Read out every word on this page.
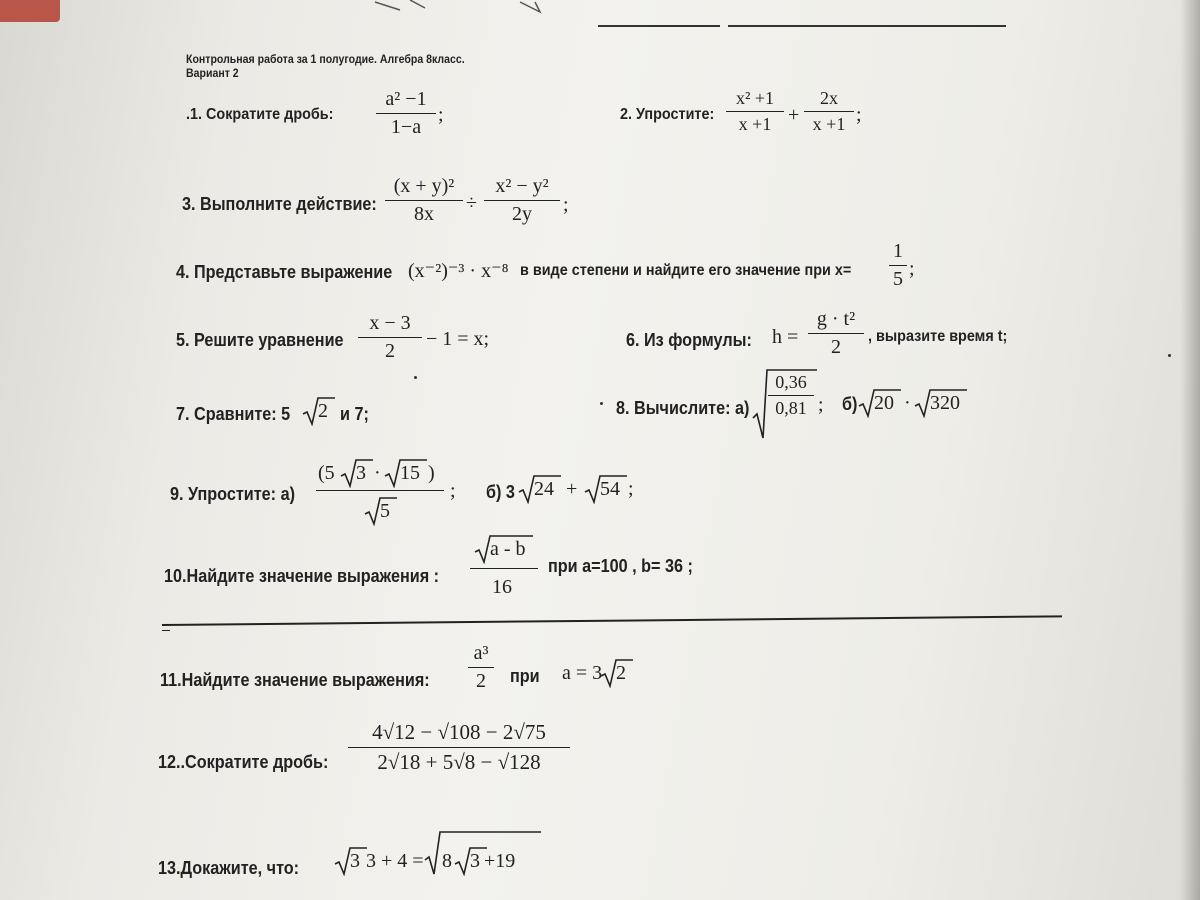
Контрольная работа за 1 полугодие. Алгебра 8класс.
Вариант 2
.1. Сократите дробь:
a² −1
1−a
;	2. Упростите:
x² +1
x +1 +
2x
x +1 ;
3. Выполните действие:
(x + y)²
8x	÷
x² − y²
2y	;
4. Представьте выражение (x⁻²)⁻³ · x⁻⁸ в виде степени и найдите его значение при x=
1
5 ;
5. Решите уравнение
x − 3
2
− 1 = x;	6. Из формулы: h =
g · t²
2	, выразите время t;
7. Сравните: 5 2 и 7;	8. Вычислите: а)
0,36
0,81 ; б) 20 · 320
9. Упростите: а)
(5 3 · 15 )
5
; б) 3 24 + 54 ;
10.Найдите значение выражения :
a - b
16
при a=100 , b= 36 ;
11.Найдите значение выражения:
a³
2	при a = 3 2
12..Сократите дробь:
4√12 − √108 − 2√75
2√18 + 5√8 − √128
13.Докажите, что:	3 3 + 4 = 8 3 +19
